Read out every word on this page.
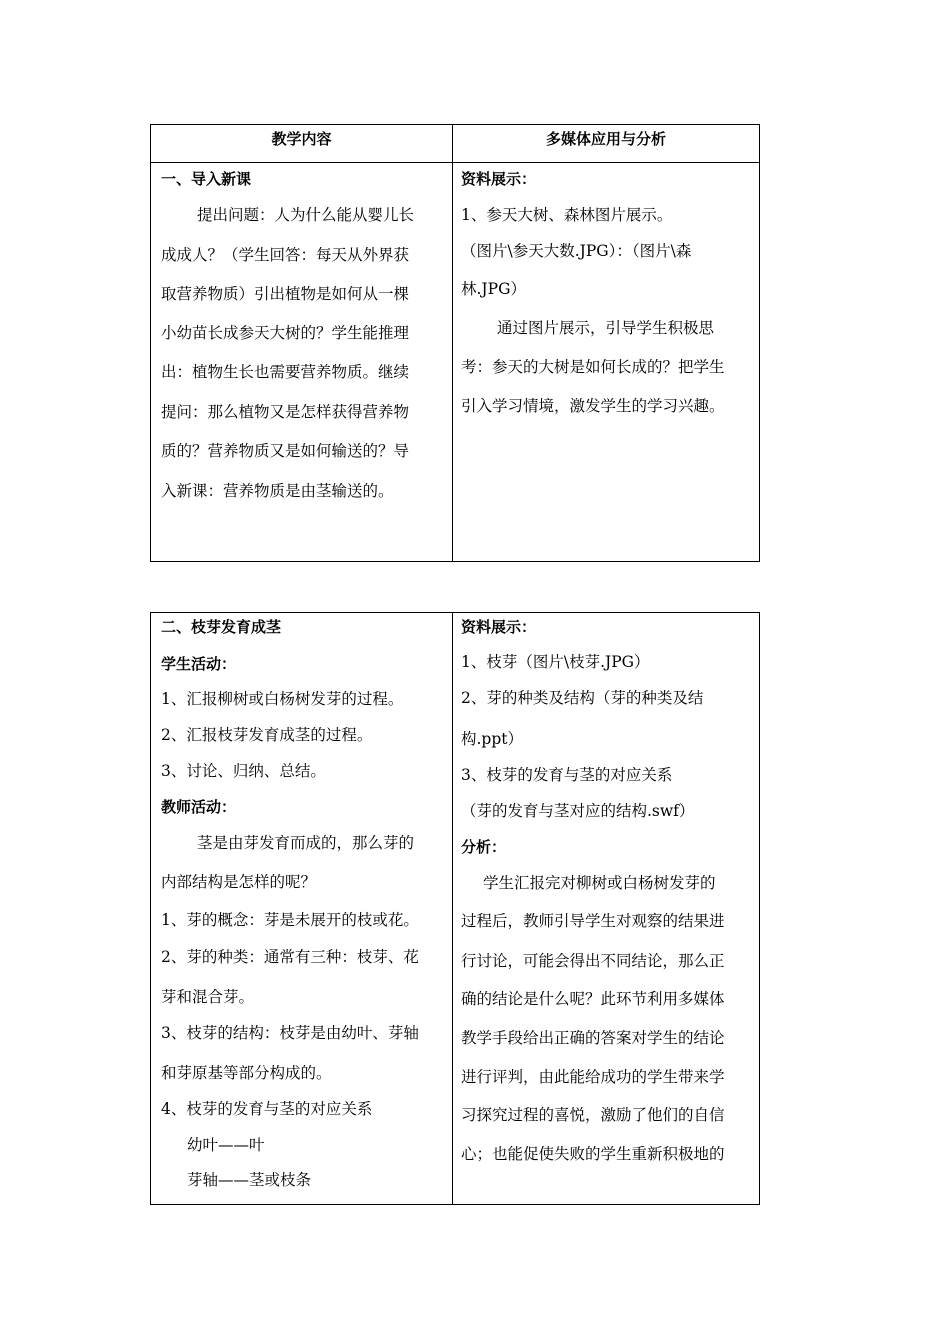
教学内容	多媒体应用与分析
一、导入新课
提出问题：人为什么能从婴儿长
成成人？（学生回答：每天从外界获
取营养物质）引出植物是如何从一棵
小幼苗长成参天大树的？学生能推理
出：植物生长也需要营养物质。继续
提问：那么植物又是怎样获得营养物
质的？营养物质又是如何输送的？导
入新课：营养物质是由茎输送的。
资料展示：
1、参天大树、森林图片展示。
（图片\参天大数.JPG）：（图片\森
林.JPG）
通过图片展示，引导学生积极思
考：参天的大树是如何长成的？把学生
引入学习情境，激发学生的学习兴趣。
二、枝芽发育成茎
学生活动：
1、汇报柳树或白杨树发芽的过程。
2、汇报枝芽发育成茎的过程。
3、讨论、归纳、总结。
教师活动：
茎是由芽发育而成的，那么芽的
内部结构是怎样的呢？
1、芽的概念：芽是未展开的枝或花。
2、芽的种类：通常有三种：枝芽、花
芽和混合芽。
3、枝芽的结构：枝芽是由幼叶、芽轴
和芽原基等部分构成的。
4、枝芽的发育与茎的对应关系
幼叶——叶
芽轴——茎或枝条
资料展示：
1、枝芽（图片\枝芽.JPG）
2、芽的种类及结构（芽的种类及结
构.ppt）
3、枝芽的发育与茎的对应关系
（芽的发育与茎对应的结构.swf）
分析：
学生汇报完对柳树或白杨树发芽的
过程后，教师引导学生对观察的结果进
行讨论，可能会得出不同结论，那么正
确的结论是什么呢？此环节利用多媒体
教学手段给出正确的答案对学生的结论
进行评判，由此能给成功的学生带来学
习探究过程的喜悦，激励了他们的自信
心；也能促使失败的学生重新积极地的
